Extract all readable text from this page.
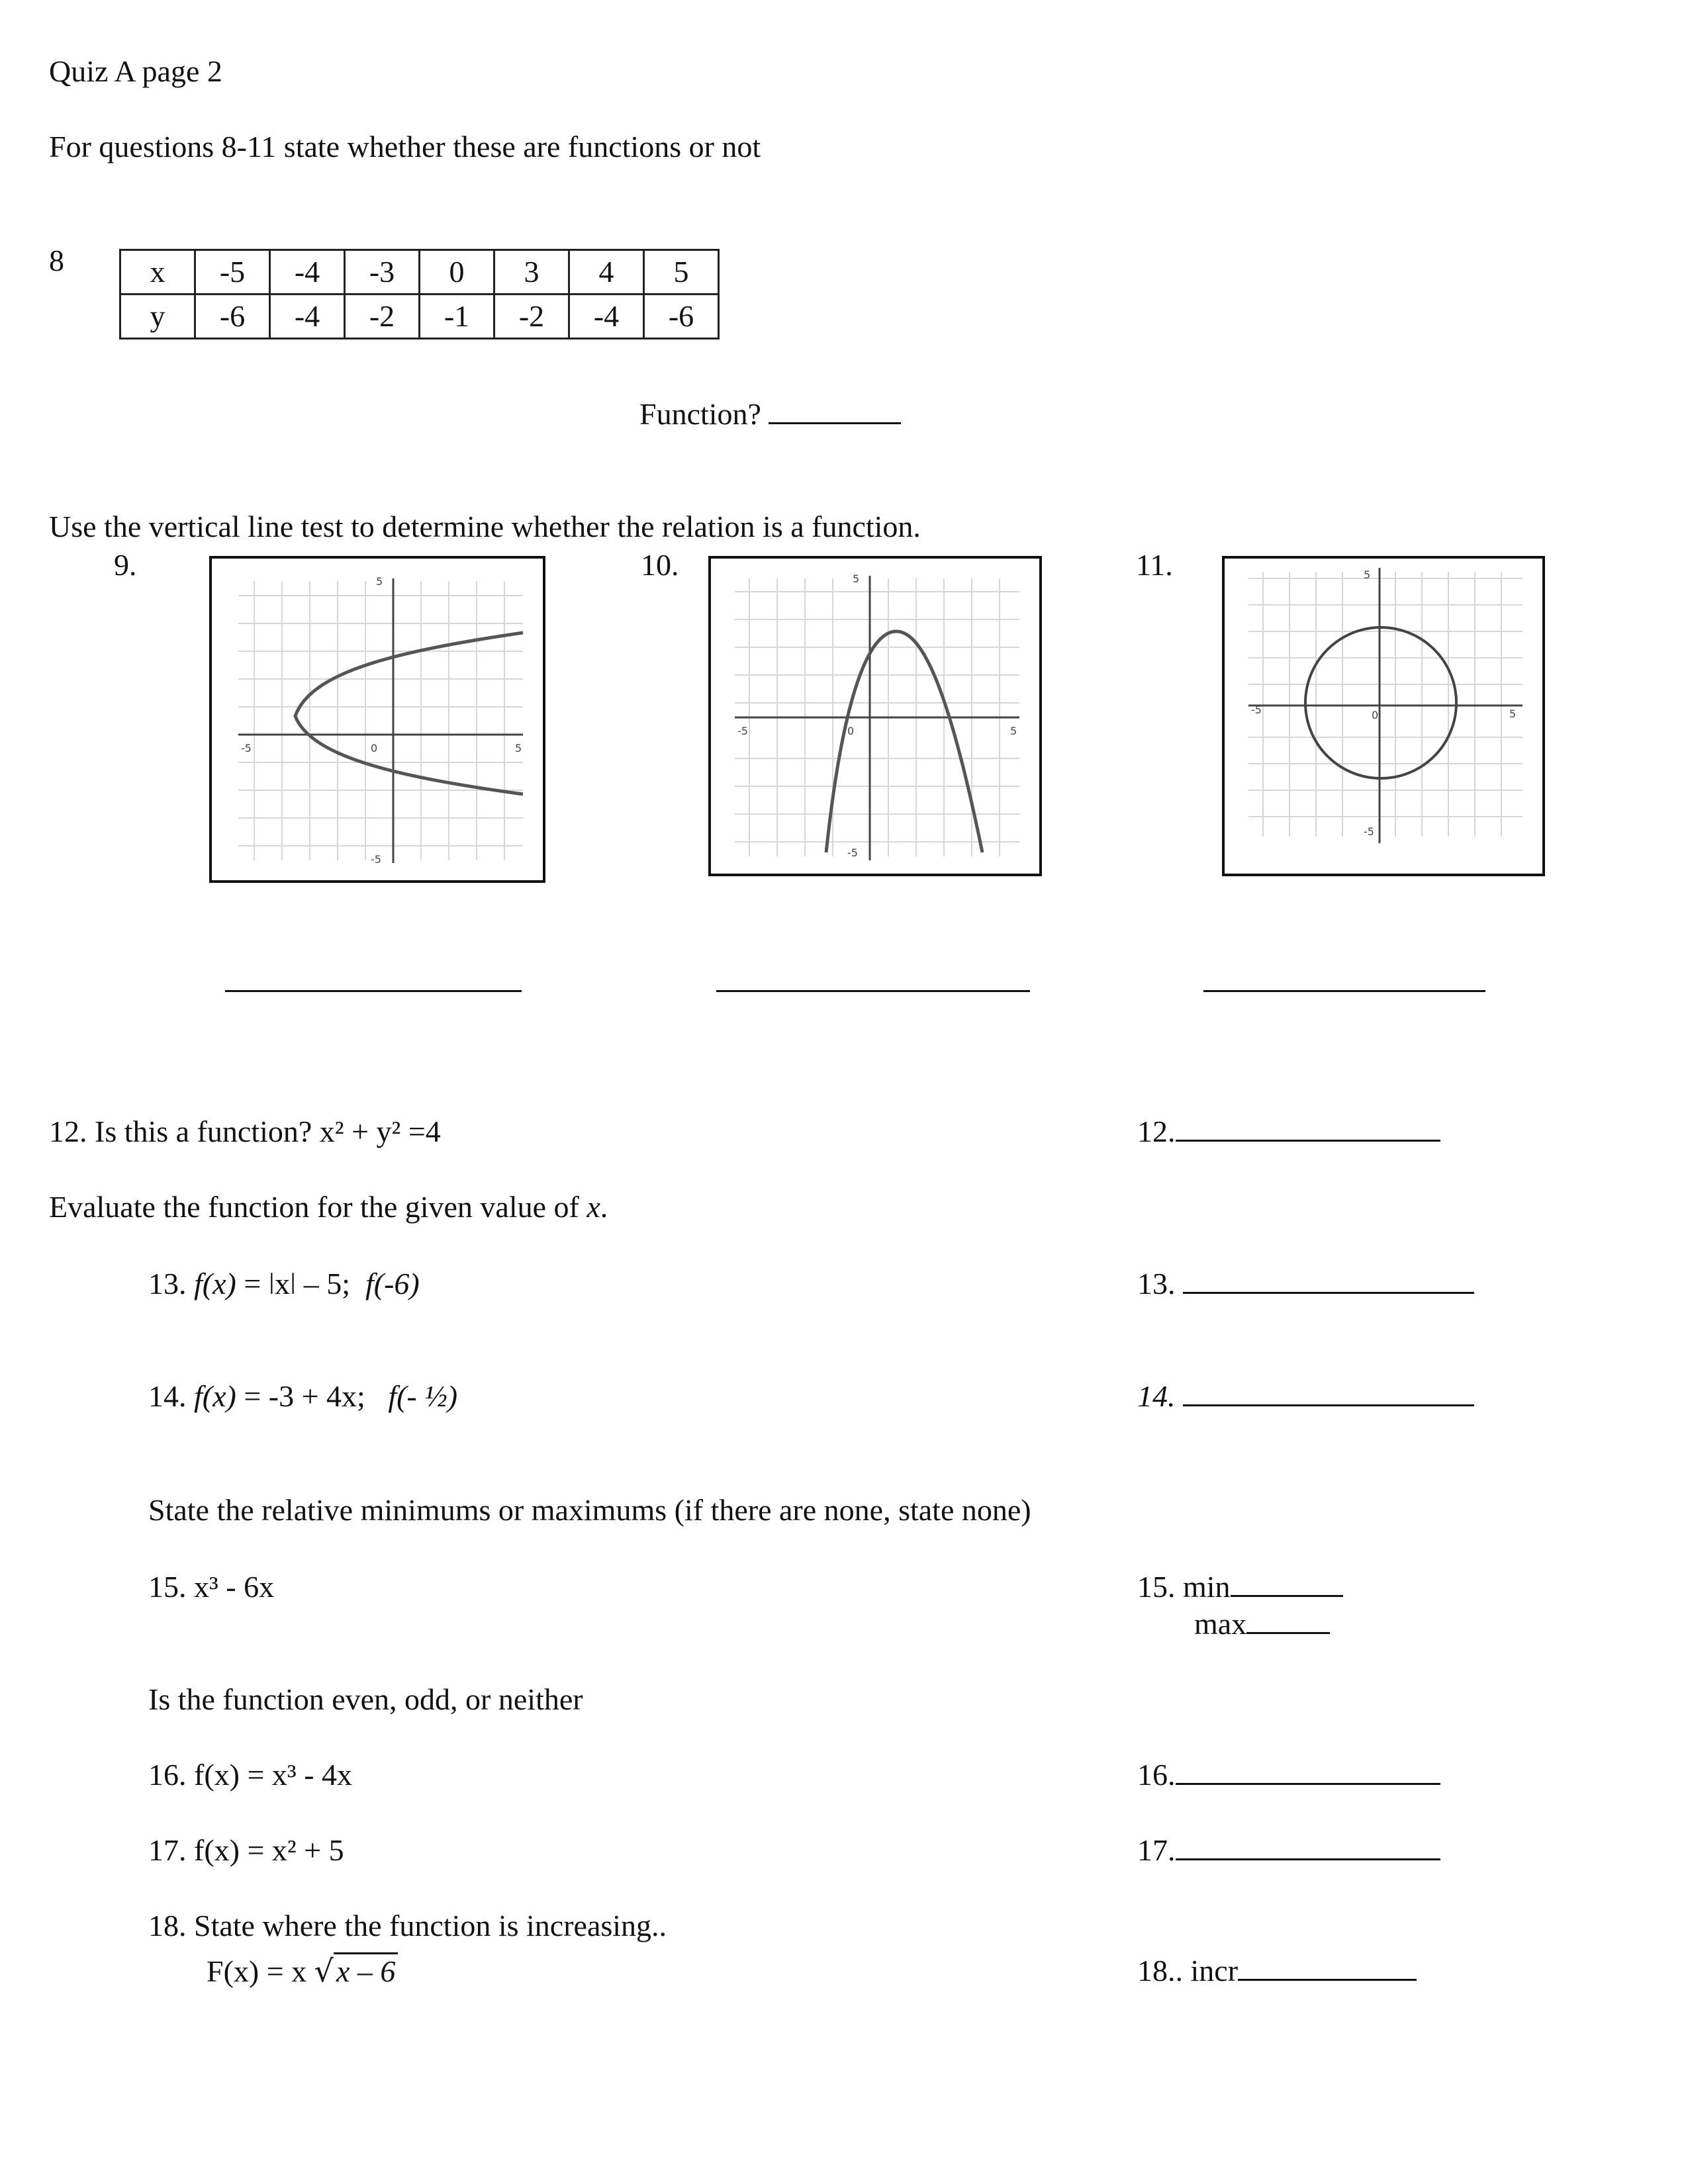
Quiz A page 2
For questions 8-11 state whether these are functions or not
8	x	-5	-4	-3	0	3	4	5
y	-6	-4	-2	-1	-2	-4	-6
Function?
Use the vertical line test to determine whether the relation is a function.
9.	10.	11.
-5	0	5
5
-5
-5	0	5
5
-5
-5	0	5
5
-5
12. Is this a function? x² + y² =4	12.
Evaluate the function for the given value of x.
13. f(x) = ǀxǀ – 5;  f(-6)	13.
14. f(x) = -3 + 4x;   f(- ½)	14.
State the relative minimums or maximums (if there are none, state none)
15. x³ - 6x	15. min
max
Is the function even, odd, or neither
16. f(x) = x³ - 4x	16.
17. f(x) = x² + 5	17.
18. State where the function is increasing..
F(x) = x √x – 6	18.. incr
